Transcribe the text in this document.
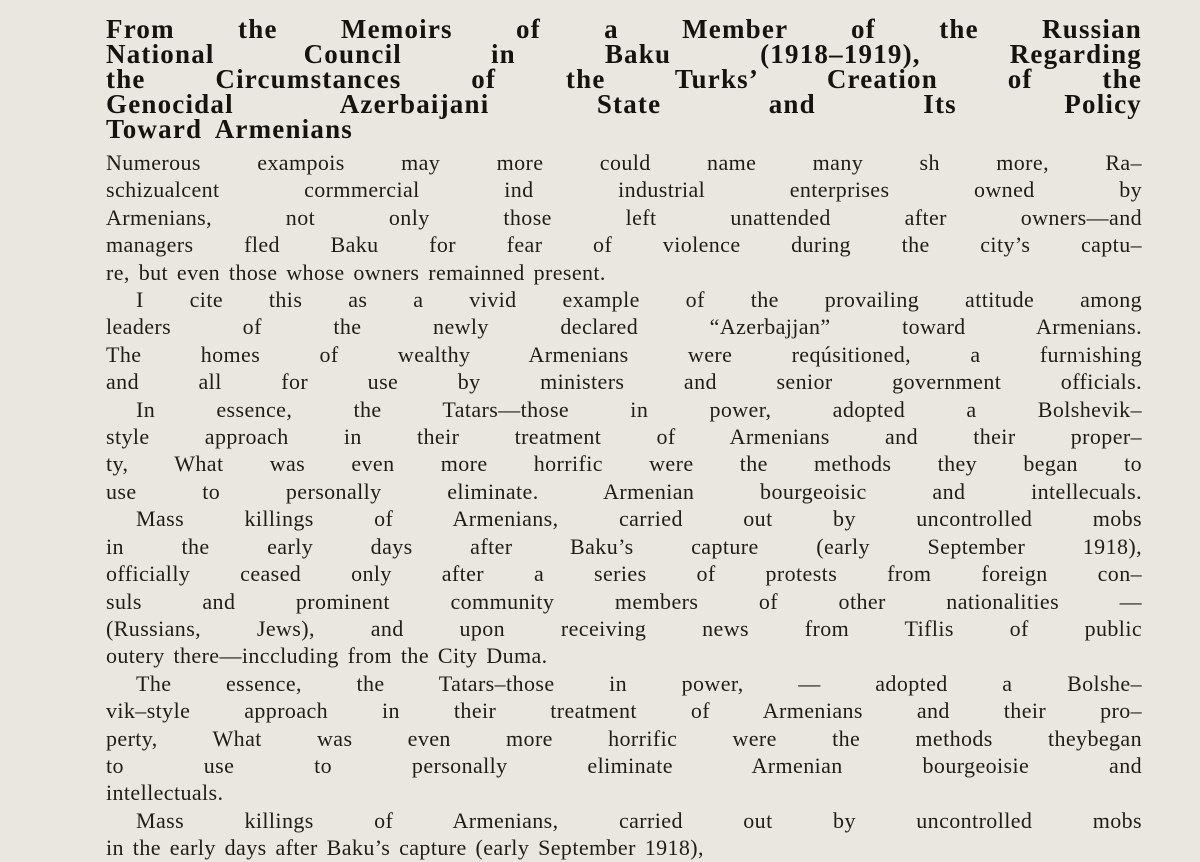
From the Memoirs of a Member of the Russian
National Council in Baku (1918–1919), Regarding
the Circumstances of the Turks’ Creation of the
Genocidal Azerbaijani State and Its Policy
Toward Armenians
Numerous exampois may more could name many sh more, Ra–
schizualcent cormmercial ind industrial enterprises owned by
Armenians, not only those left unattended after owners—and
managers fled Baku for fear of violence during the city’s captu–
re, but even those whose owners remainned present.
I cite this as a vivid example of the provailing attitude among
leaders of the newly declared “Azerbajjan” toward Armenians.
The homes of wealthy Armenians were reqúsitioned, a furnɿishing
and all for use by ministers and senior government officials.
In essence, the Tatars—those in power, adopted a Bolshevik–
style approach in their treatment of Armenians and their proper–
ty, What was even more horrific were the methods they began to
use to personally eliminate. Armenian bourgeoisic and intellecuals.
Mass killings of Armenians, carried out by uncontrolled mobs
in the early days after Baku’s capture (early September 1918),
officially ceased only after a series of protests from foreign con–
suls and prominent community members of other nationalities —
(Russians, Jews), and upon receiving news from Tiflis of public
outery there—inccluding from the City Duma.
The essence, the Tatars–those in power, — adopted a Bolshe–
vik–style approach in their treatment of Armenians and their pro–
perty, What was even more horrific were the methods theybegan
to use to personally eliminate Armenian bourgeoisie and
intellectuals.
Mass killings of Armenians, carried out by uncontrolled mobs
in the early days after Baku’s capture (early September 1918),
